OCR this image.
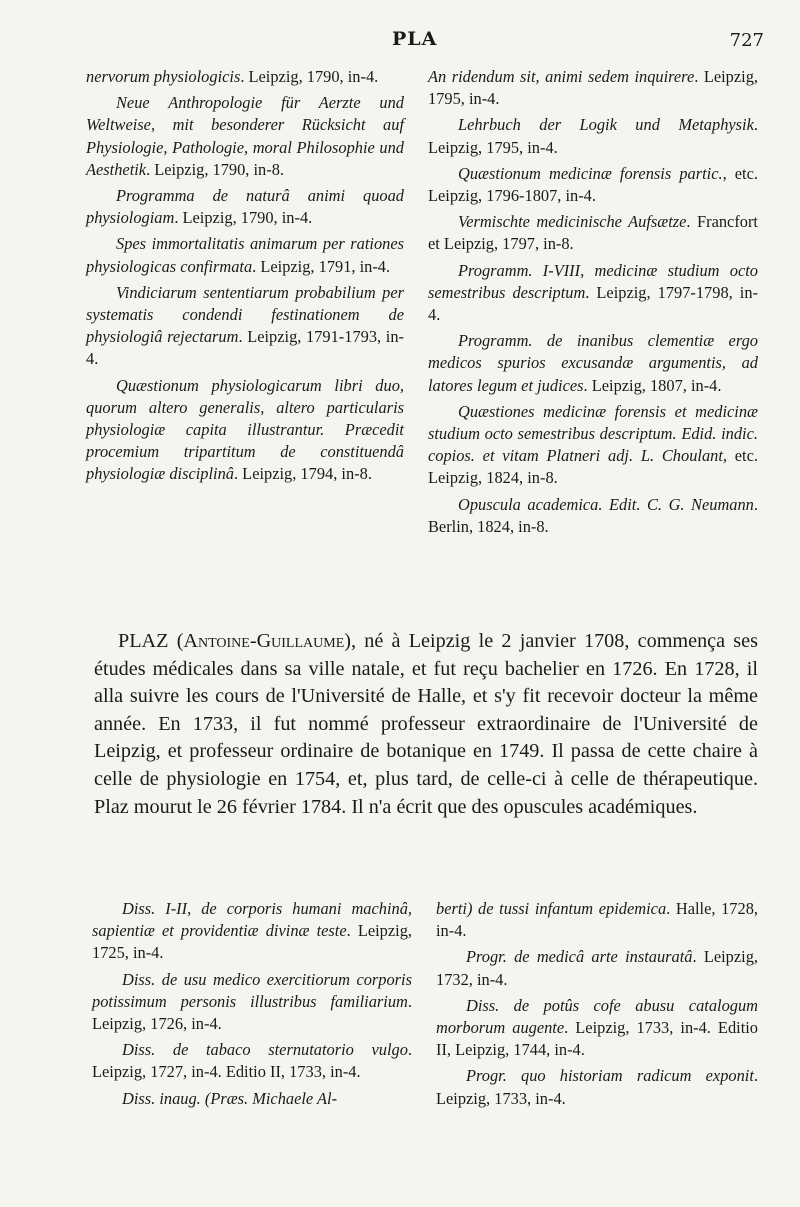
PLA	727

nervorum physiologicis. Leipzig, 1790, in-4.

Neue Anthropologie für Aerzte und Weltweise, mit besonderer Rücksicht auf Physiologie, Pathologie, moral Philosophie und Aesthetik. Leipzig, 1790, in-8.

Programma de naturâ animi quoad physiologiam. Leipzig, 1790, in-4.

Spes immortalitatis animarum per rationes physiologicas confirmata. Leipzig, 1791, in-4.

Vindiciarum sententiarum probabilium per systematis condendi festinationem de physiologiâ rejectarum. Leipzig, 1791-1793, in-4.

Quæstionum physiologicarum libri duo, quorum altero generalis, altero particularis physiologiæ capita illustrantur. Præcedit procemium tripartitum de constituendâ physiologiæ disciplinâ. Leipzig, 1794, in-8.

An ridendum sit, animi sedem inquirere. Leipzig, 1795, in-4.

Lehrbuch der Logik und Metaphysik. Leipzig, 1795, in-4.

Quæstionum medicinæ forensis partic., etc. Leipzig, 1796-1807, in-4.

Vermischte medicinische Aufsætze. Francfort et Leipzig, 1797, in-8.

Programm. I-VIII, medicinæ studium octo semestribus descriptum. Leipzig, 1797-1798, in-4.

Programm. de inanibus clementiæ ergo medicos spurios excusandæ argumentis, ad latores legum et judices. Leipzig, 1807, in-4.

Quæstiones medicinæ forensis et medicinæ studium octo semestribus descriptum. Edid. indic. copios. et vitam Platneri adj. L. Choulant, etc. Leipzig, 1824, in-8.

Opuscula academica. Edit. C. G. Neumann. Berlin, 1824, in-8.

PLAZ (Antoine-Guillaume), né à Leipzig le 2 janvier 1708, commença ses études médicales dans sa ville natale, et fut reçu bachelier en 1726. En 1728, il alla suivre les cours de l'Université de Halle, et s'y fit recevoir docteur la même année. En 1733, il fut nommé professeur extraordinaire de l'Université de Leipzig, et professeur ordinaire de botanique en 1749. Il passa de cette chaire à celle de physiologie en 1754, et, plus tard, de celle-ci à celle de thérapeutique. Plaz mourut le 26 février 1784. Il n'a écrit que des opuscules académiques.

Diss. I-II, de corporis humani machinâ, sapientiæ et providentiæ divinæ teste. Leipzig, 1725, in-4.

Diss. de usu medico exercitiorum corporis potissimum personis illustribus familiarium. Leipzig, 1726, in-4.

Diss. de tabaco sternutatorio vulgo. Leipzig, 1727, in-4. Editio II, 1733, in-4.

Diss. inaug. (Præs. Michaele Al-

berti) de tussi infantum epidemica. Halle, 1728, in-4.

Progr. de medicâ arte instauratâ. Leipzig, 1732, in-4.

Diss. de potûs cofe abusu catalogum morborum augente. Leipzig, 1733, in-4. Editio II, Leipzig, 1744, in-4.

Progr. quo historiam radicum exponit. Leipzig, 1733, in-4.
